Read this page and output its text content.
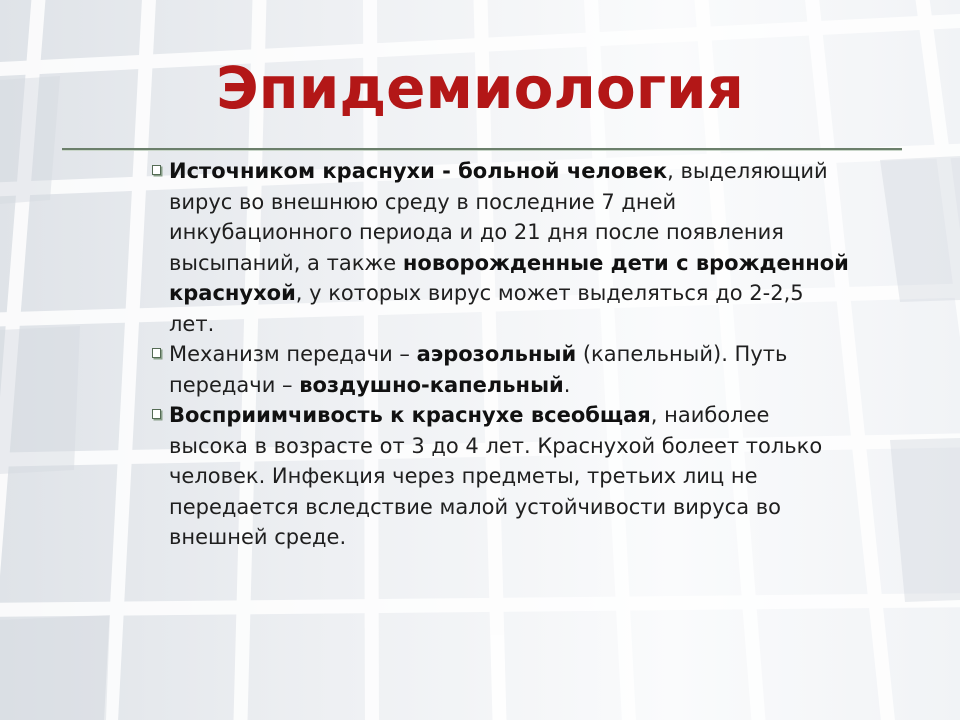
Эпидемиология

Источником краснухи - больной человек, выделяющий вирус во внешнюю среду в последние 7 дней инкубационного периода и до 21 дня после появления высыпаний, а также новорожденные дети с врожденной краснухой, у которых вирус может выделяться до 2-2,5 лет.

Механизм передачи – аэрозольный (капельный). Путь передачи – воздушно-капельный.

Восприимчивость к краснухе всеобщая, наиболее высока в возрасте от 3 до 4 лет. Краснухой болеет только человек. Инфекция через предметы, третьих лиц не передается вследствие малой устойчивости вируса во внешней среде.
